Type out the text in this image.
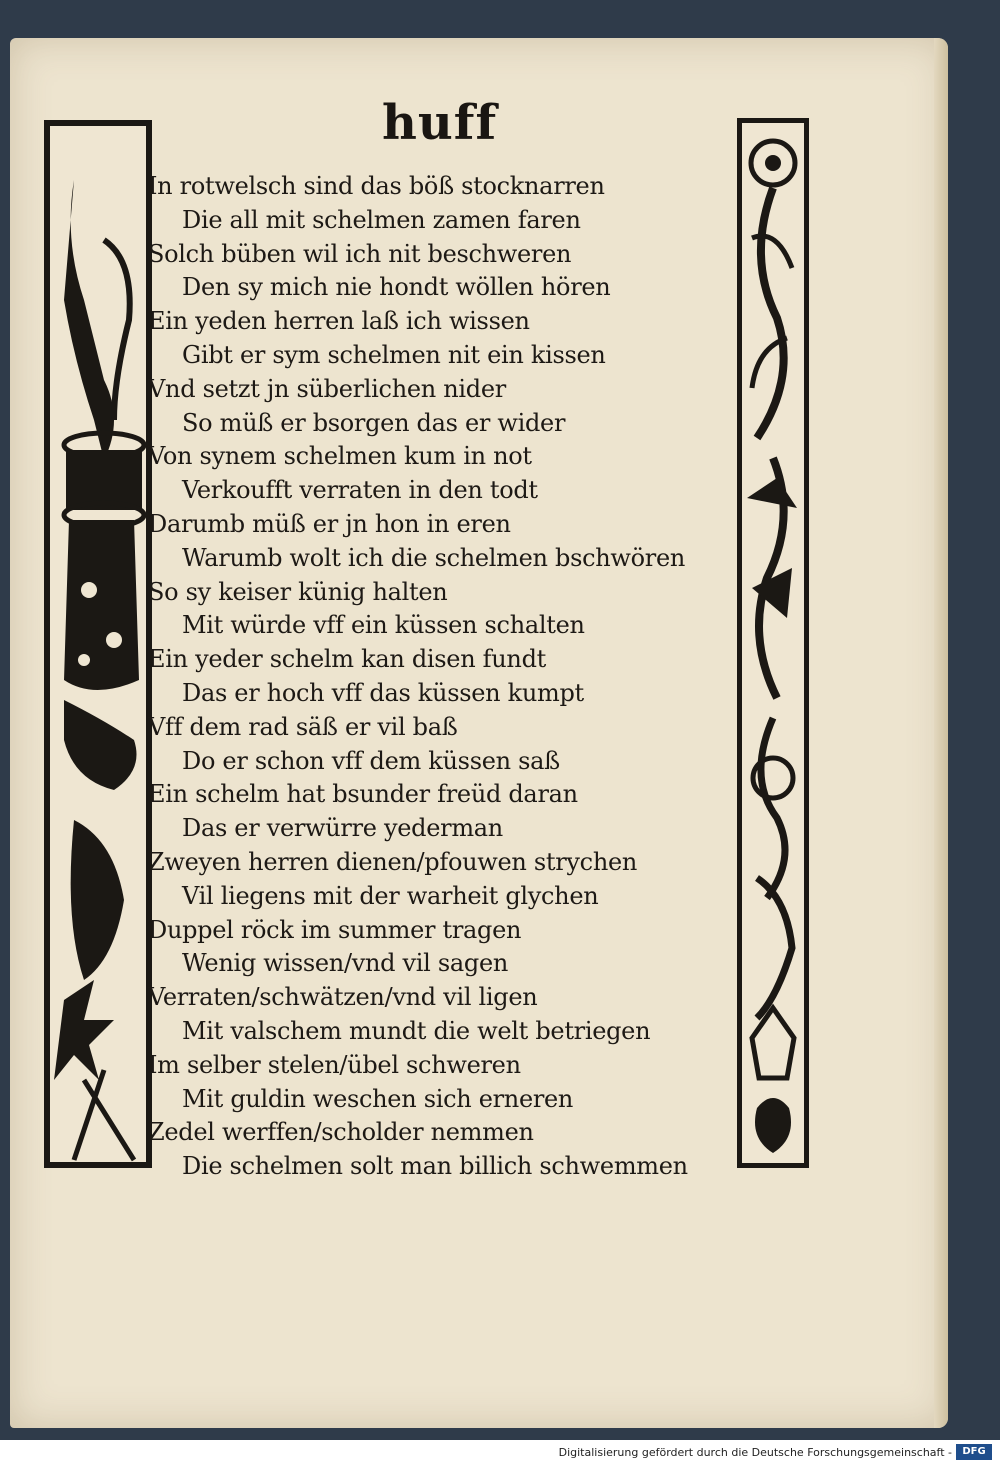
huff
In rotwelsch sind das böß stocknarren
Die all mit schelmen zamen faren
Solch büben wil ich nit beschweren
Den sy mich nie hondt wöllen hören
Ein yeden herren laß ich wissen
Gibt er sym schelmen nit ein kissen
Vnd setzt jn süberlichen nider
So müß er bsorgen das er wider
Von synem schelmen kum in not
Verkoufft verraten in den todt
Darumb müß er jn hon in eren
Warumb wolt ich die schelmen bschwören
So sy keiser künig halten
Mit würde vff ein küssen schalten
Ein yeder schelm kan disen fundt
Das er hoch vff das küssen kumpt
Vff dem rad säß er vil baß
Do er schon vff dem küssen saß
Ein schelm hat bsunder freüd daran
Das er verwürre yederman
Zweyen herren dienen/pfouwen strychen
Vil liegens mit der warheit glychen
Duppel röck im summer tragen
Wenig wissen/vnd vil sagen
Verraten/schwätzen/vnd vil ligen
Mit valschem mundt die welt betriegen
Im selber stelen/übel schweren
Mit guldin weschen sich erneren
Zedel werffen/scholder nemmen
Die schelmen solt man billich schwemmen
Digitalisierung gefördert durch die Deutsche Forschungsgemeinschaft -	DFG
